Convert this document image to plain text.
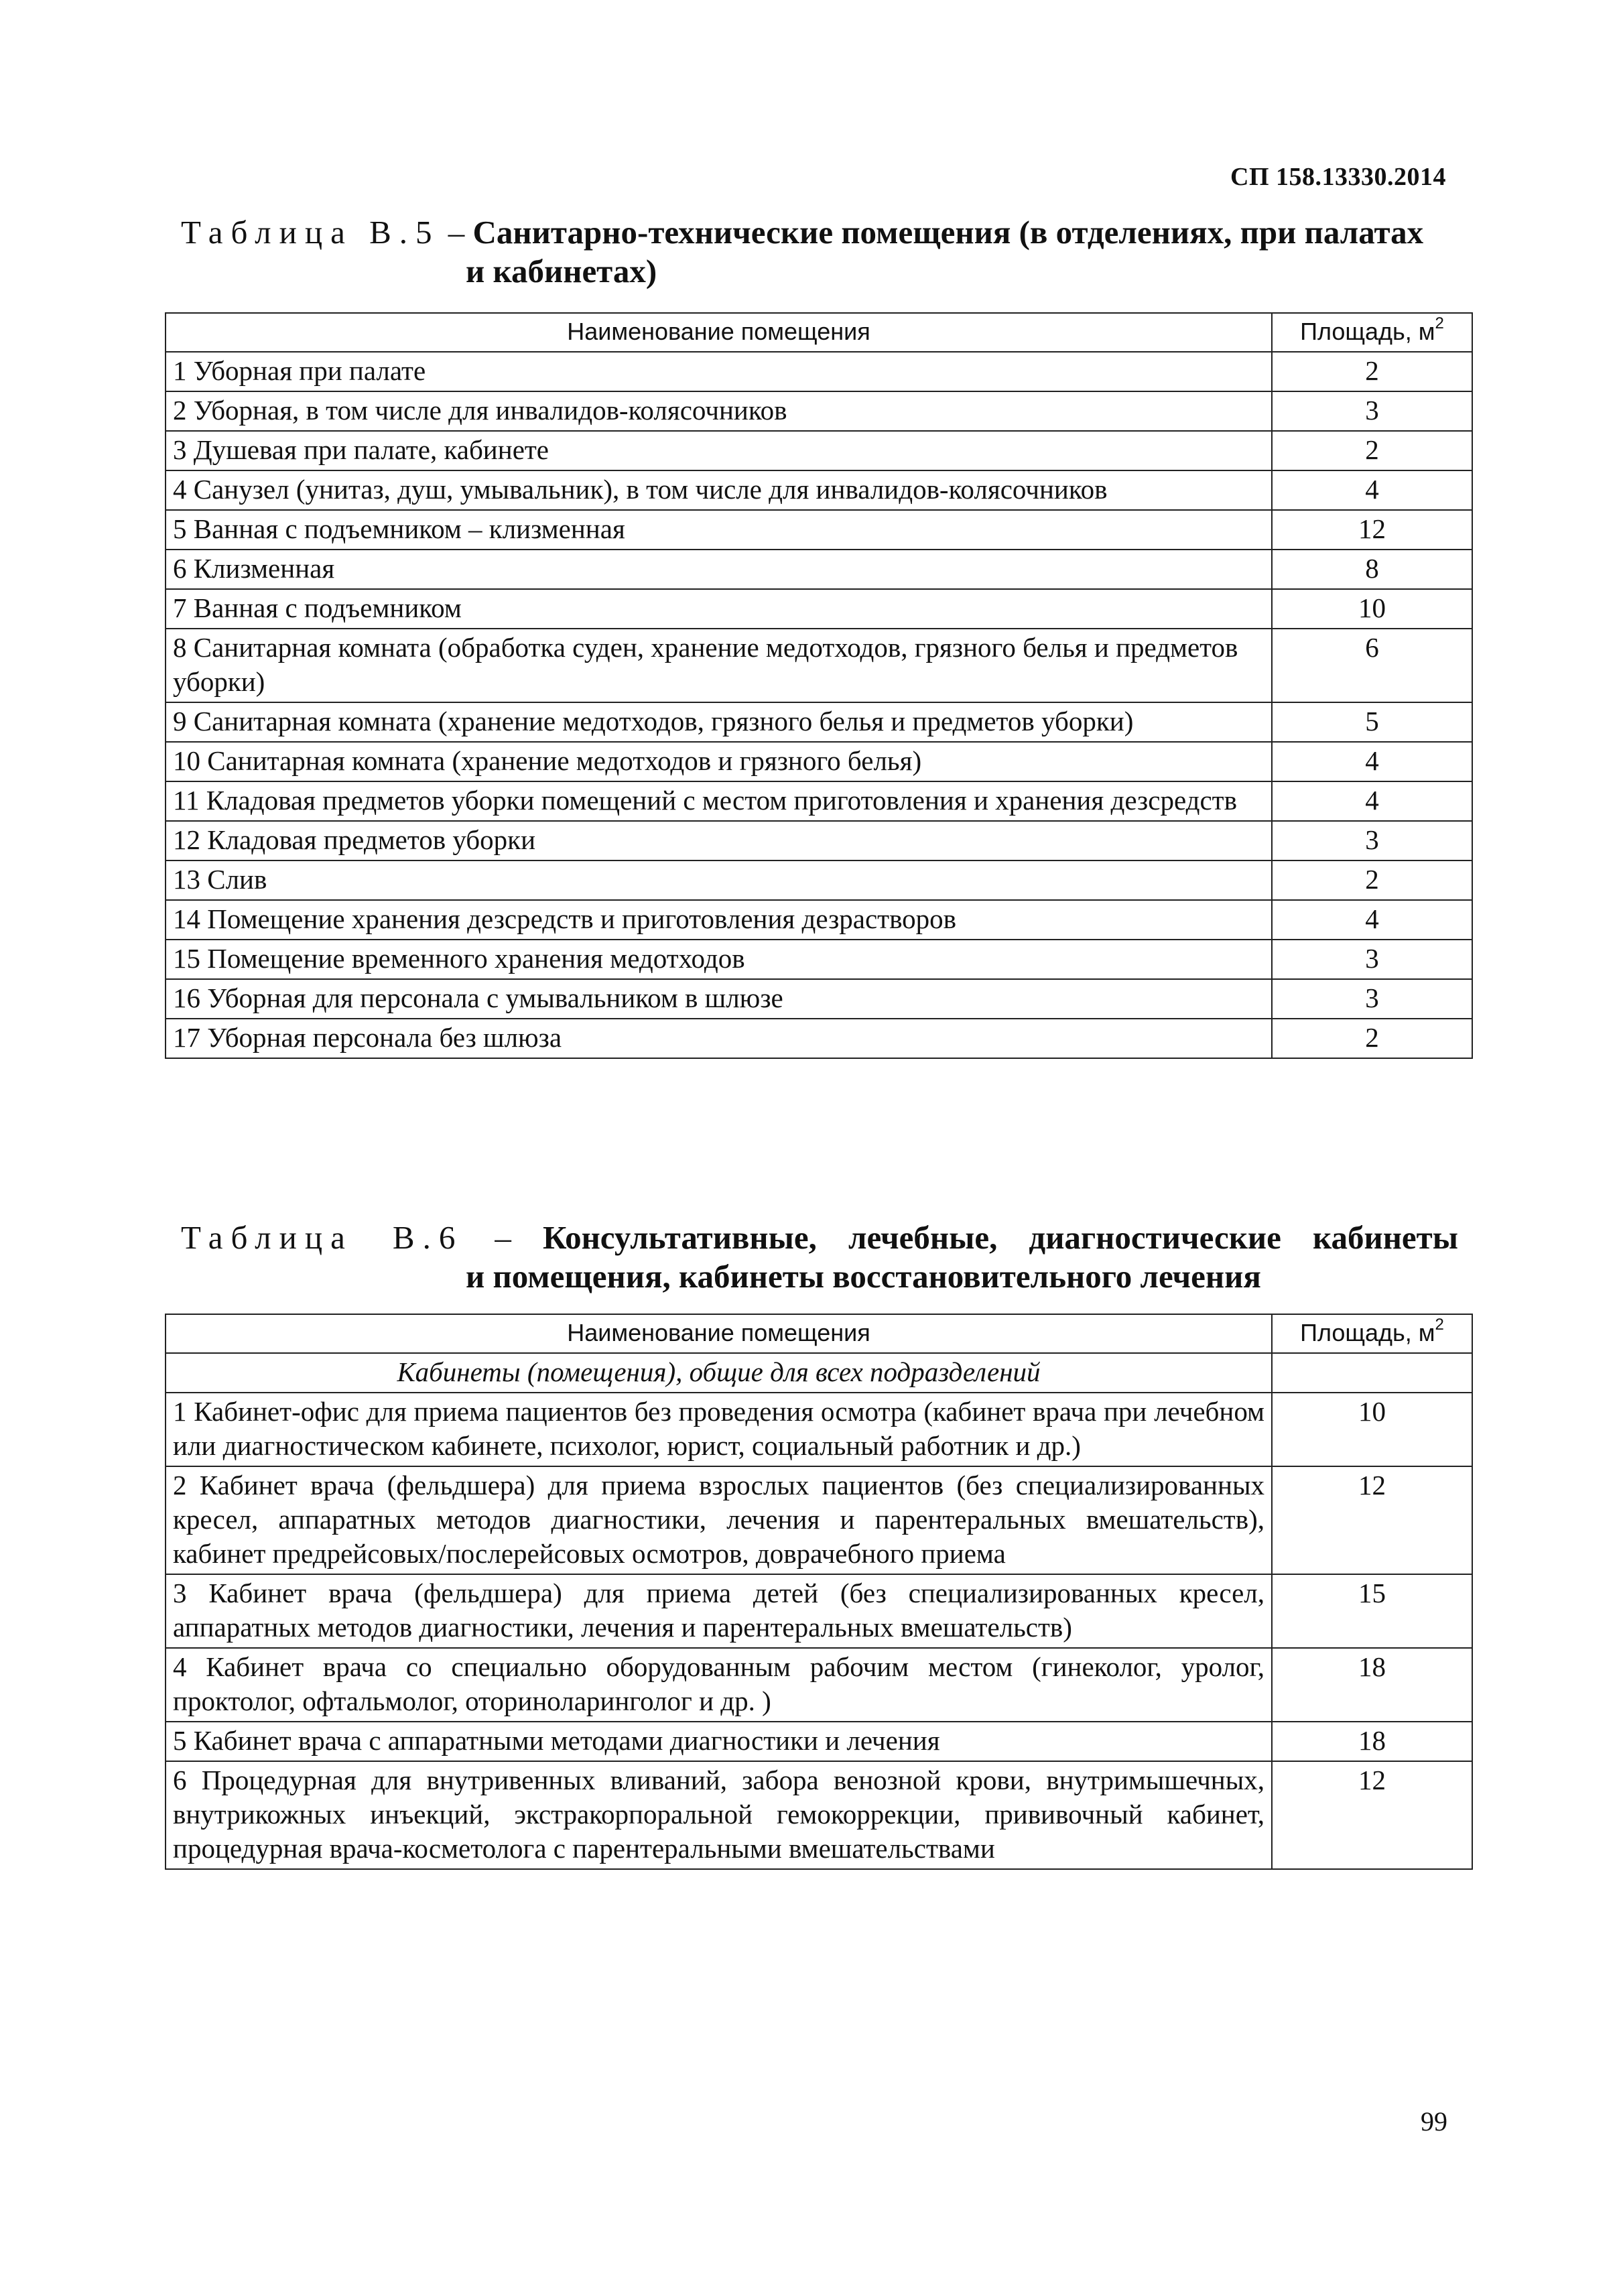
СП 158.13330.2014
Таблица В.5 – Санитарно-технические помещения (в отделениях, при палатах
и кабинетах)
Наименование помещения	Площадь, $м^2$
1 Уборная при палате	2
2 Уборная, в том числе для инвалидов-колясочников	3
3 Душевая при палате, кабинете	2
4 Санузел (унитаз, душ, умывальник), в том числе для инвалидов-колясочников	4
5 Ванная с подъемником – клизменная	12
6 Клизменная	8
7 Ванная с подъемником	10
8 Санитарная комната (обработка суден, хранение медотходов, грязного белья и предметов уборки)	6
9 Санитарная комната (хранение медотходов, грязного белья и предметов уборки)	5
10 Санитарная комната (хранение медотходов и грязного белья)	4
11 Кладовая предметов уборки помещений с местом приготовления и хранения дезсредств	4
12 Кладовая предметов уборки	3
13 Слив	2
14 Помещение хранения дезсредств и приготовления дезрастворов	4
15 Помещение временного хранения медотходов	3
16 Уборная для персонала с умывальником в шлюзе	3
17 Уборная персонала без шлюза	2
Таблица В.6 – Консультативные, лечебные, диагностические кабинеты
и помещения, кабинеты восстановительного лечения
Наименование помещения	Площадь, $м^2$
Кабинеты (помещения), общие для всех подразделений	
1 Кабинет-офис для приема пациентов без проведения осмотра (кабинет врача при лечебном или диагностическом кабинете, психолог, юрист, социальный работник и др.)	10
2 Кабинет врача (фельдшера) для приема взрослых пациентов (без специализированных кресел, аппаратных методов диагностики, лечения и парентеральных вмешательств), кабинет предрейсовых/послерейсовых осмотров, доврачебного приема	12
3 Кабинет врача (фельдшера) для приема детей (без специализированных кресел, аппаратных методов диагностики, лечения и парентеральных вмешательств)	15
4 Кабинет врача со специально оборудованным рабочим местом (гинеколог, уролог, проктолог, офтальмолог, оториноларинголог и др. )	18
5 Кабинет врача с аппаратными методами диагностики и лечения	18
6 Процедурная для внутривенных вливаний, забора венозной крови, внутримышечных, внутрикожных инъекций, экстракорпоральной гемокоррекции, прививочный кабинет, процедурная врача-косметолога с парентеральными вмешательствами	12
99
